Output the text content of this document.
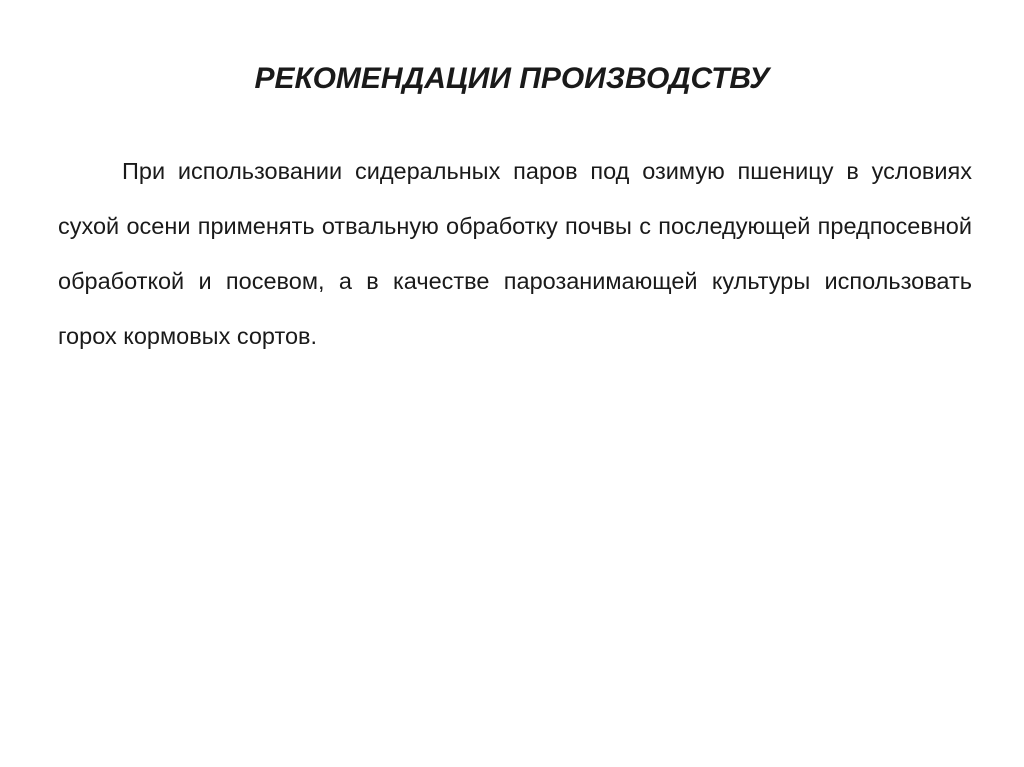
РЕКОМЕНДАЦИИ ПРОИЗВОДСТВУ

При использовании сидеральных паров под озимую пшеницу в условиях сухой осени применять отвальную обработку почвы с последующей предпосевной обработкой и посевом, а в качестве парозанимающей культуры использовать горох кормовых сортов.
